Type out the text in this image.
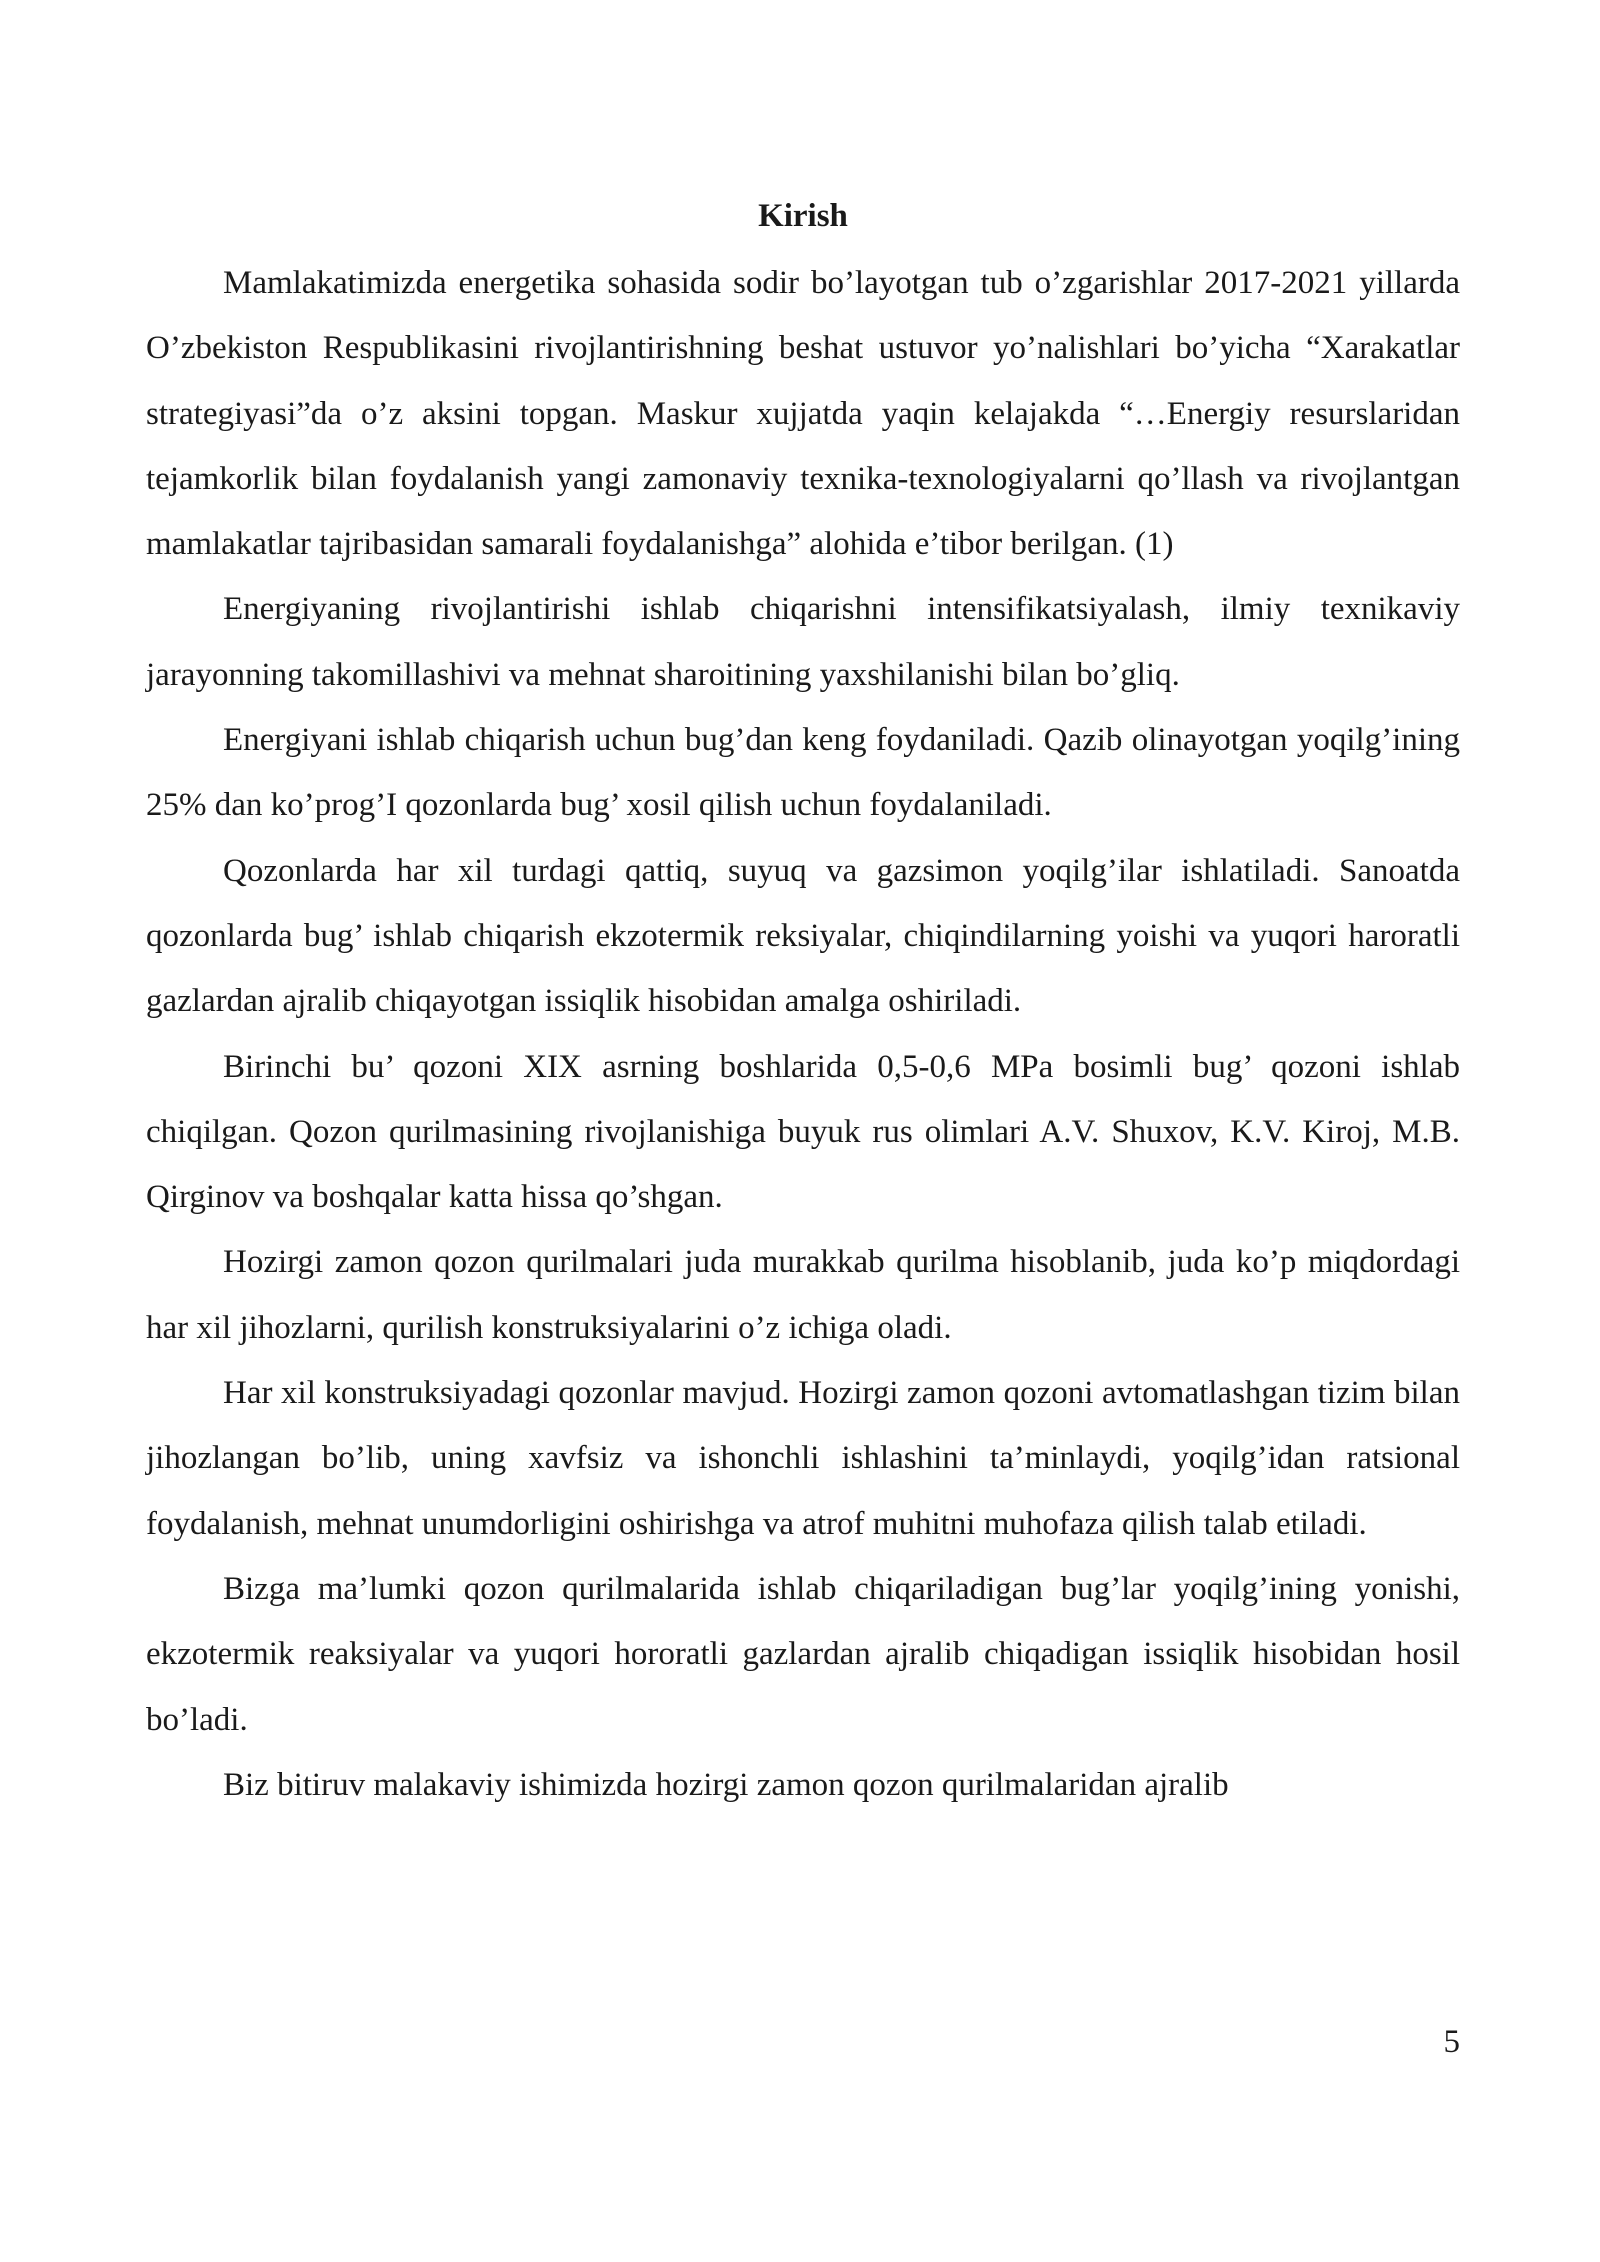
Kirish

Mamlakatimizda energetika sohasida sodir bo’layotgan tub o’zgarishlar 2017-2021 yillarda O’zbekiston Respublikasini rivojlantirishning beshat ustuvor yo’nalishlari bo’yicha “Xarakatlar strategiyasi”da o’z aksini topgan. Maskur xujjatda yaqin kelajakda “…Energiy resurslaridan tejamkorlik bilan foydalanish yangi zamonaviy texnika-texnologiyalarni qo’llash va rivojlantgan mamlakatlar tajribasidan samarali foydalanishga” alohida e’tibor berilgan. (1)

Energiyaning rivojlantirishi ishlab chiqarishni intensifikatsiyalash, ilmiy texnikaviy jarayonning takomillashivi va mehnat sharoitining yaxshilanishi bilan bo’gliq.

Energiyani ishlab chiqarish uchun bug’dan keng foydaniladi. Qazib olinayotgan yoqilg’ining 25% dan ko’prog’I qozonlarda bug’ xosil qilish uchun foydalaniladi.

Qozonlarda har xil turdagi qattiq, suyuq va gazsimon yoqilg’ilar ishlatiladi. Sanoatda qozonlarda bug’ ishlab chiqarish ekzotermik reksiyalar, chiqindilarning yoishi va yuqori haroratli gazlardan ajralib chiqayotgan issiqlik hisobidan amalga oshiriladi.

Birinchi bu’ qozoni XIX asrning boshlarida 0,5-0,6 MPa bosimli bug’ qozoni ishlab chiqilgan. Qozon qurilmasining rivojlanishiga buyuk rus olimlari A.V. Shuxov, K.V. Kiroj, M.B. Qirginov va boshqalar katta hissa qo’shgan.

Hozirgi zamon qozon qurilmalari juda murakkab qurilma hisoblanib, juda ko’p miqdordagi har xil jihozlarni, qurilish konstruksiyalarini o’z ichiga oladi.

Har xil konstruksiyadagi qozonlar mavjud. Hozirgi zamon qozoni avtomatlashgan tizim bilan jihozlangan bo’lib, uning xavfsiz va ishonchli ishlashini ta’minlaydi, yoqilg’idan ratsional foydalanish, mehnat unumdorligini oshirishga va atrof muhitni muhofaza qilish talab etiladi.

Bizga ma’lumki qozon qurilmalarida ishlab chiqariladigan bug’lar yoqilg’ining yonishi, ekzotermik reaksiyalar va yuqori hororatli gazlardan ajralib chiqadigan issiqlik hisobidan hosil bo’ladi.

Biz bitiruv malakaviy ishimizda hozirgi zamon qozon qurilmalaridan ajralib

5
